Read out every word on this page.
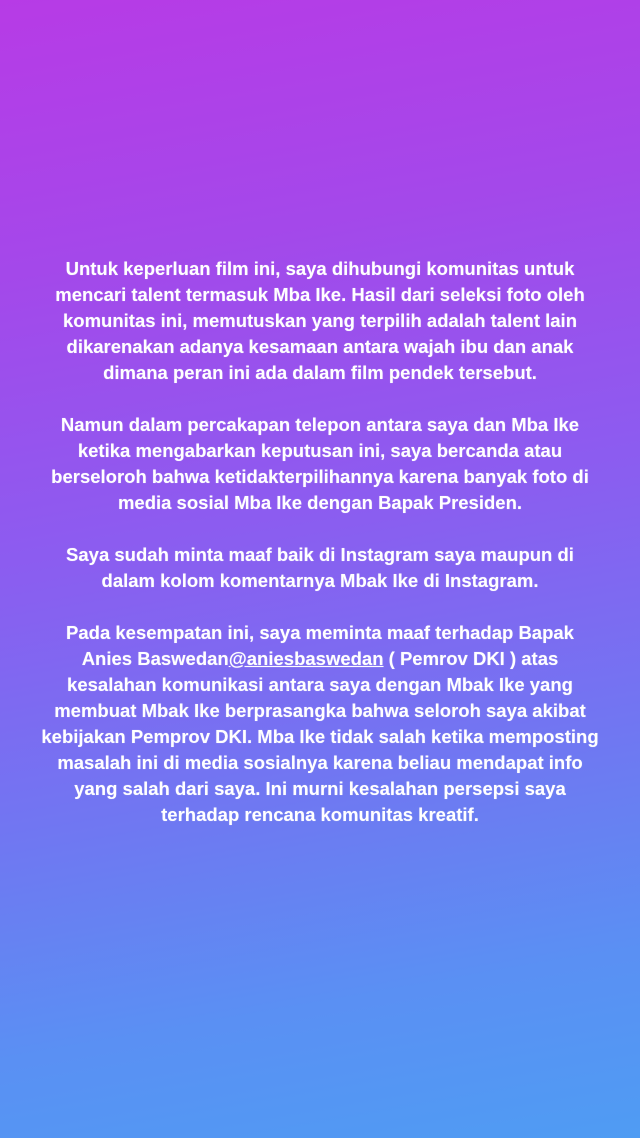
Untuk keperluan film ini, saya dihubungi komunitas untuk mencari talent termasuk Mba Ike. Hasil dari seleksi foto oleh komunitas ini, memutuskan yang terpilih adalah talent lain dikarenakan adanya kesamaan antara wajah ibu dan anak dimana peran ini ada dalam film pendek tersebut.

Namun dalam percakapan telepon antara saya dan Mba Ike ketika mengabarkan keputusan ini, saya bercanda atau berseloroh bahwa ketidakterpilihannya karena banyak foto di media sosial Mba Ike dengan Bapak Presiden.

Saya sudah minta maaf baik di Instagram saya maupun di dalam kolom komentarnya Mbak Ike di Instagram.

Pada kesempatan ini, saya meminta maaf terhadap Bapak Anies Baswedan@aniesbaswedan ( Pemrov DKI ) atas kesalahan komunikasi antara saya dengan Mbak Ike yang membuat Mbak Ike berprasangka bahwa seloroh saya akibat kebijakan Pemprov DKI. Mba Ike tidak salah ketika memposting masalah ini di media sosialnya karena beliau mendapat info yang salah dari saya. Ini murni kesalahan persepsi saya terhadap rencana komunitas kreatif.
